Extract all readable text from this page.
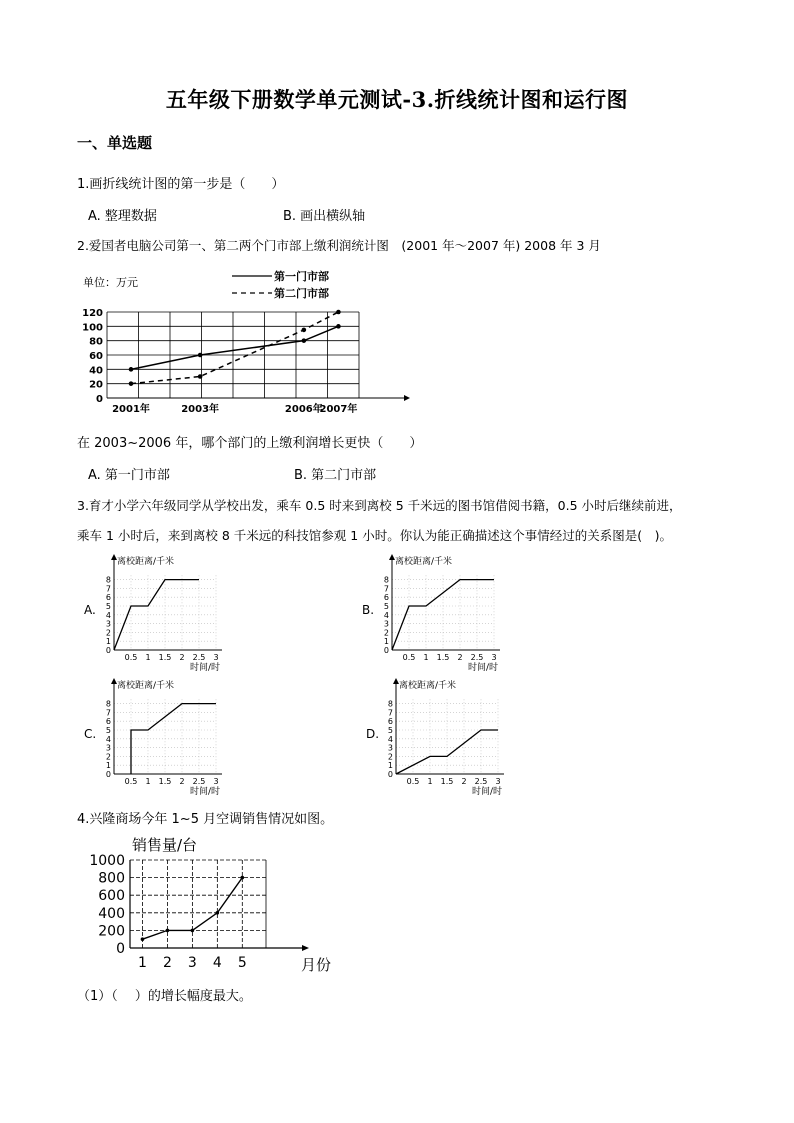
五年级下册数学单元测试-3.折线统计图和运行图
一、单选题
1.画折线统计图的第一步是（　　）
A. 整理数据	B. 画出横纵轴
2.爱国者电脑公司第一、第二两个门市部上缴利润统计图　(2001 年～2007 年) 2008 年 3 月
单位：万元	第一门市部
第二门市部
0
20
40
60
80
100
120
2001年	2003年	2006年
2007年
在 2003~2006 年，哪个部门的上缴利润增长更快（　　）
A. 第一门市部	B. 第二门市部
3.育才小学六年级同学从学校出发，乘车 0.5 时来到离校 5 千米远的图书馆借阅书籍，0.5 小时后继续前进，
乘车 1 小时后，来到离校 8 千米远的科技馆参观 1 小时。你认为能正确描述这个事情经过的关系图是(　)。
A.
离校距离/千米
0
1
2
3
4
5
6
7
8
0.5 1 1.5 2 2.5 3
时间/时
B.
离校距离/千米
0
1
2
3
4
5
6
7
8
0.5 1 1.5 2 2.5 3
时间/时
C.
离校距离/千米
0
1
2
3
4
5
6
7
8
0.5 1 1.5 2 2.5 3
时间/时
D.
离校距离/千米
0
1
2
3
4
5
6
7
8
0.5 1 1.5 2 2.5 3
时间/时
4.兴隆商场今年 1~5 月空调销售情况如图。
销售量/台
0
200
400
600
800
1000
1 2 3 4 5	月份
（1）（　 ）的增长幅度最大。
